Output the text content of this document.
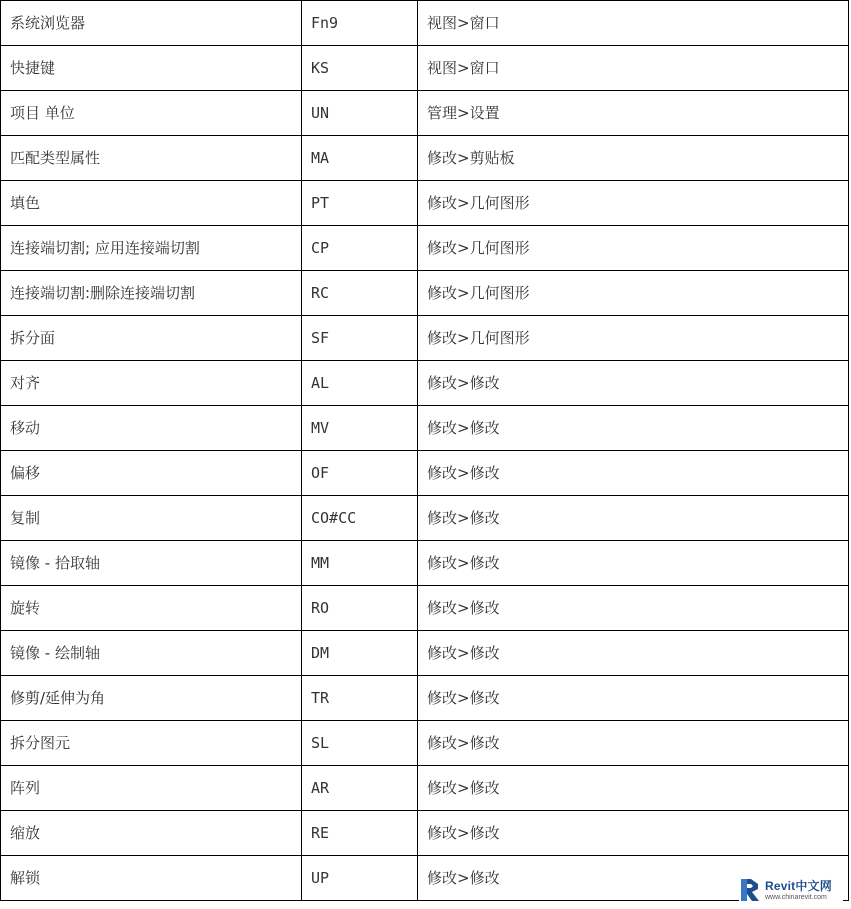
系统浏览器	Fn9	视图>窗口
快捷键	KS	视图>窗口
项目 单位	UN	管理>设置
匹配类型属性	MA	修改>剪贴板
填色	PT	修改>几何图形
连接端切割; 应用连接端切割	CP	修改>几何图形
连接端切割:删除连接端切割	RC	修改>几何图形
拆分面	SF	修改>几何图形
对齐	AL	修改>修改
移动	MV	修改>修改
偏移	OF	修改>修改
复制	CO#CC	修改>修改
镜像 - 拾取轴	MM	修改>修改
旋转	RO	修改>修改
镜像 - 绘制轴	DM	修改>修改
修剪/延伸为角	TR	修改>修改
拆分图元	SL	修改>修改
阵列	AR	修改>修改
缩放	RE	修改>修改
解锁	UP	修改>修改	Revit中文网
www.chinarevit.com
